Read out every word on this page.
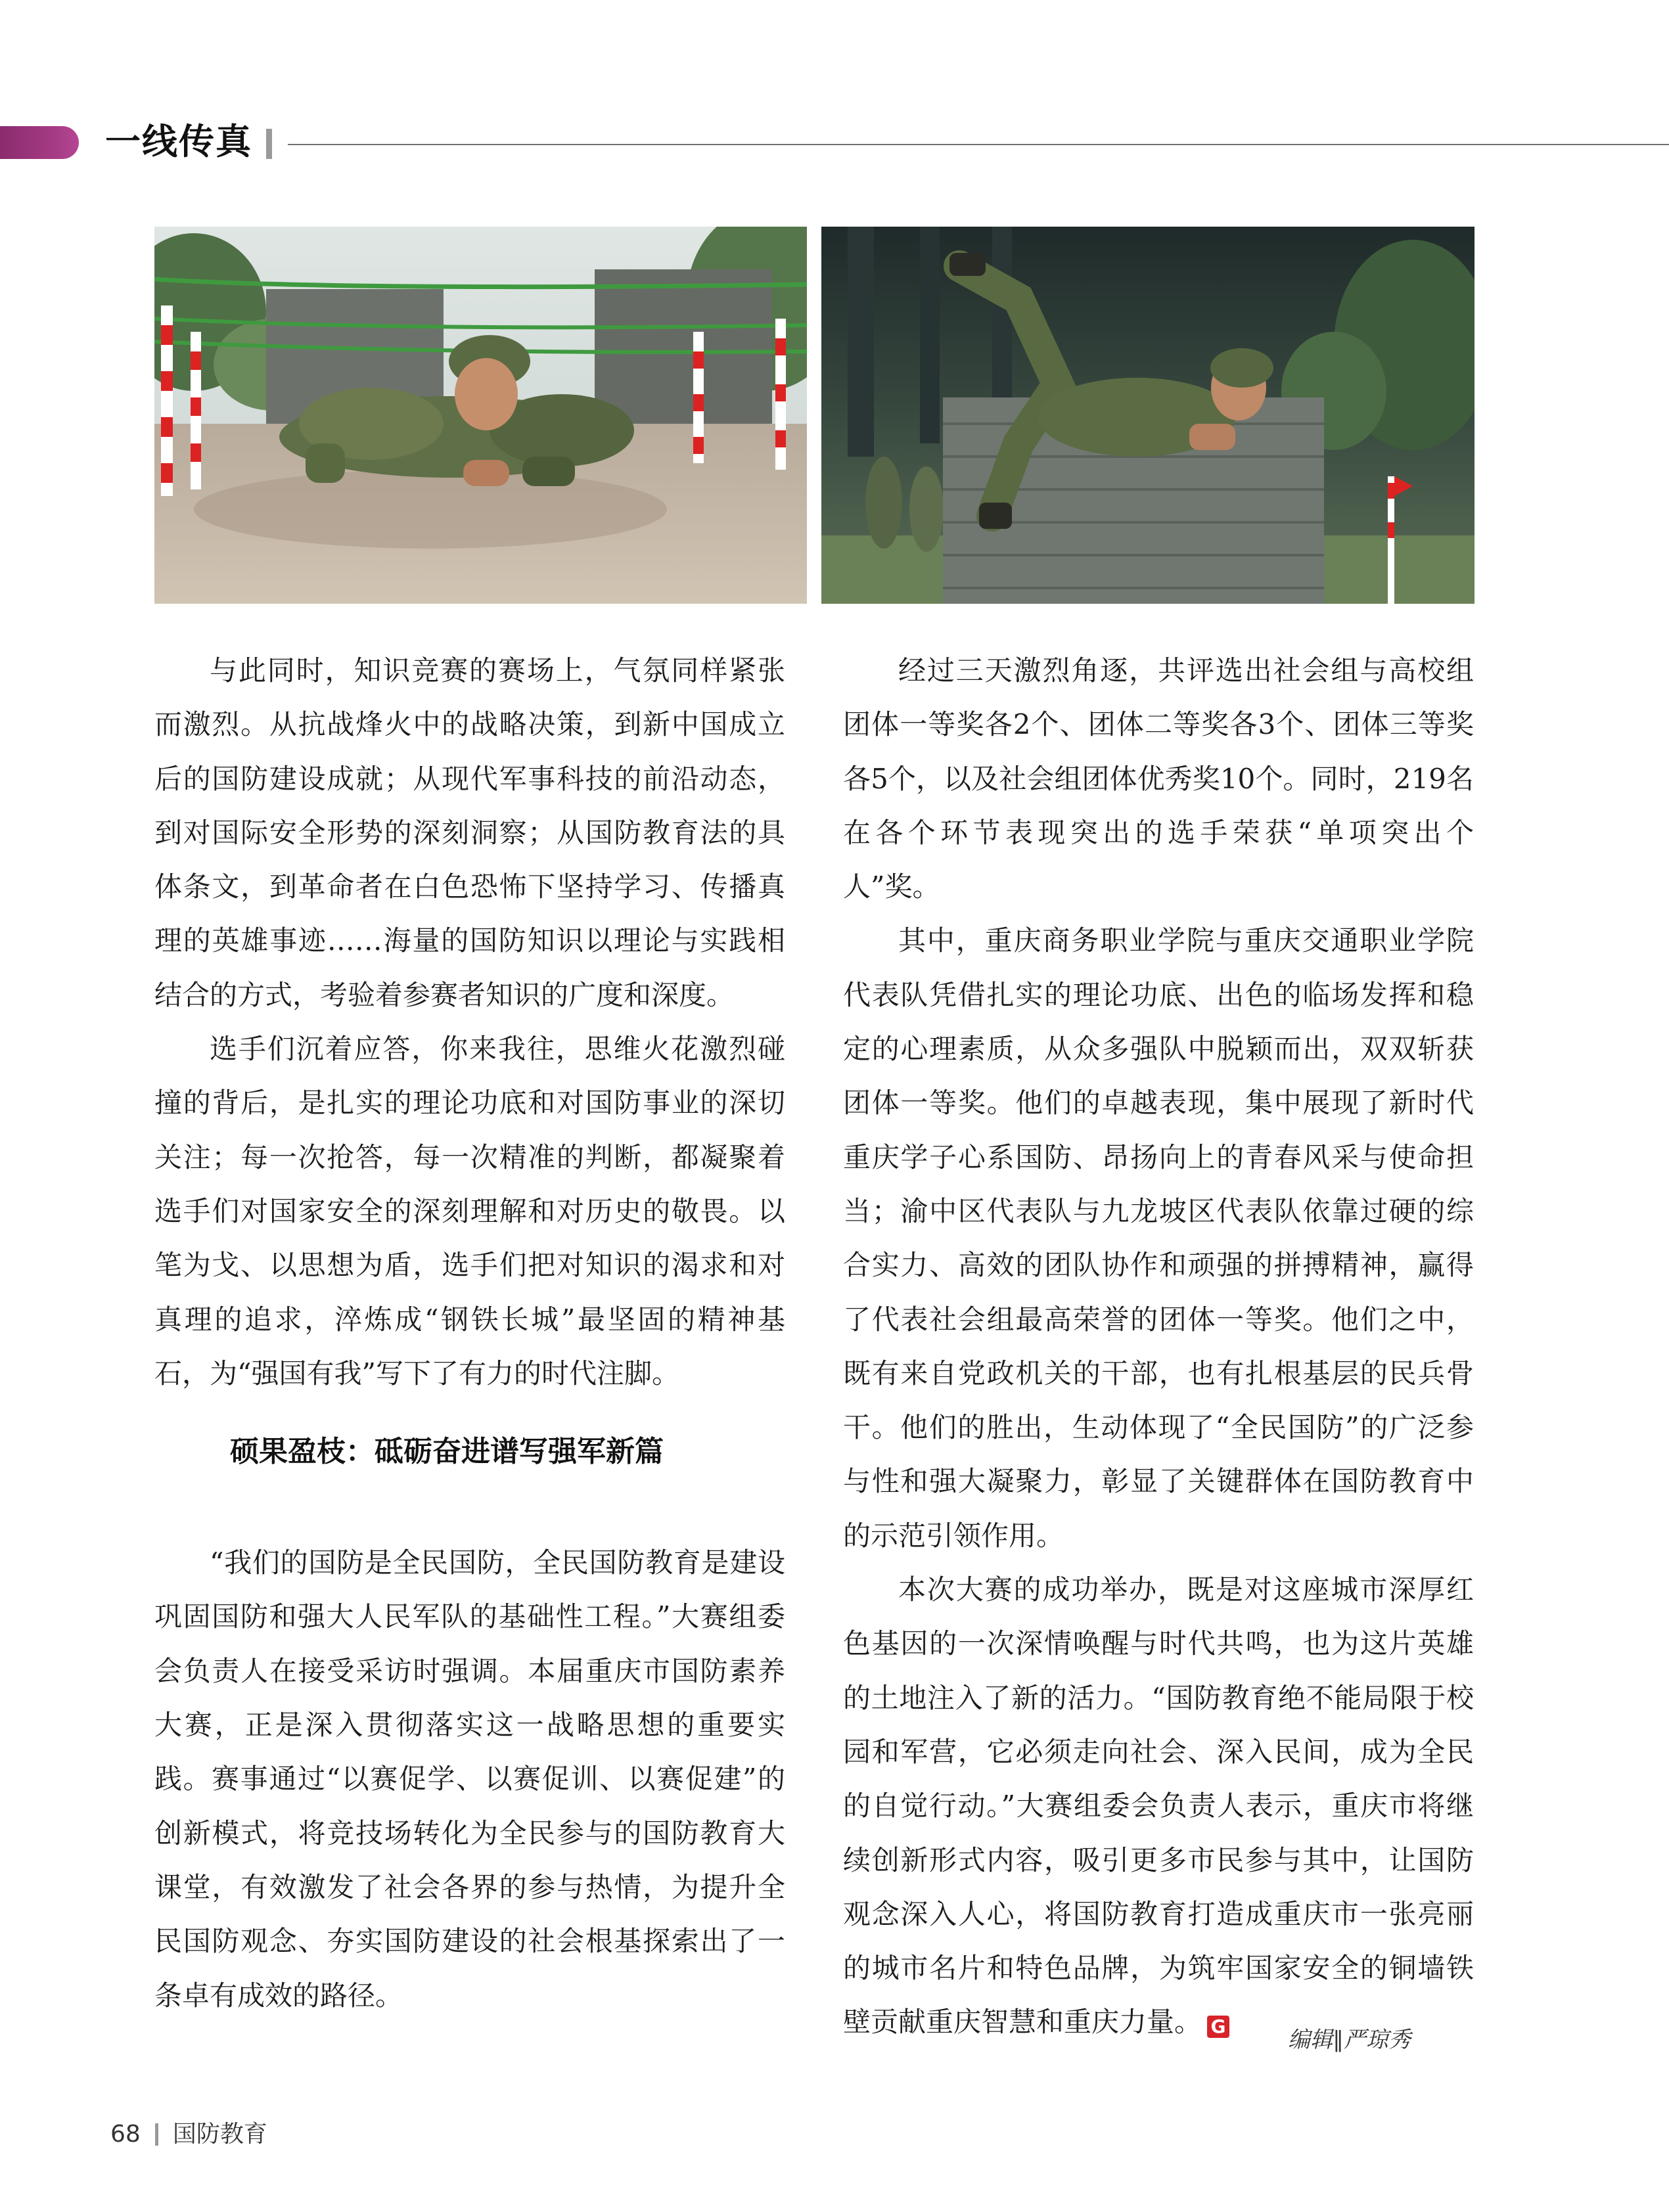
一线传真

与此同时，知识竞赛的赛场上，气氛同样紧张而激烈。从抗战烽火中的战略决策，到新中国成立后的国防建设成就；从现代军事科技的前沿动态，到对国际安全形势的深刻洞察；从国防教育法的具体条文，到革命者在白色恐怖下坚持学习、传播真理的英雄事迹……海量的国防知识以理论与实践相结合的方式，考验着参赛者知识的广度和深度。

选手们沉着应答，你来我往，思维火花激烈碰撞的背后，是扎实的理论功底和对国防事业的深切关注；每一次抢答，每一次精准的判断，都凝聚着选手们对国家安全的深刻理解和对历史的敬畏。以笔为戈、以思想为盾，选手们把对知识的渴求和对真理的追求，淬炼成“钢铁长城”最坚固的精神基石，为“强国有我”写下了有力的时代注脚。

硕果盈枝：砥砺奋进谱写强军新篇

“我们的国防是全民国防，全民国防教育是建设巩固国防和强大人民军队的基础性工程。”大赛组委会负责人在接受采访时强调。本届重庆市国防素养大赛，正是深入贯彻落实这一战略思想的重要实践。赛事通过“以赛促学、以赛促训、以赛促建”的创新模式，将竞技场转化为全民参与的国防教育大课堂，有效激发了社会各界的参与热情，为提升全民国防观念、夯实国防建设的社会根基探索出了一条卓有成效的路径。

经过三天激烈角逐，共评选出社会组与高校组团体一等奖各2个、团体二等奖各3个、团体三等奖各5个，以及社会组团体优秀奖10个。同时，219名在各个环节表现突出的选手荣获“单项突出个人”奖。

其中，重庆商务职业学院与重庆交通职业学院代表队凭借扎实的理论功底、出色的临场发挥和稳定的心理素质，从众多强队中脱颖而出，双双斩获团体一等奖。他们的卓越表现，集中展现了新时代重庆学子心系国防、昂扬向上的青春风采与使命担当；渝中区代表队与九龙坡区代表队依靠过硬的综合实力、高效的团队协作和顽强的拼搏精神，赢得了代表社会组最高荣誉的团体一等奖。他们之中，既有来自党政机关的干部，也有扎根基层的民兵骨干。他们的胜出，生动体现了“全民国防”的广泛参与性和强大凝聚力，彰显了关键群体在国防教育中的示范引领作用。

本次大赛的成功举办，既是对这座城市深厚红色基因的一次深情唤醒与时代共鸣，也为这片英雄的土地注入了新的活力。“国防教育绝不能局限于校园和军营，它必须走向社会、深入民间，成为全民的自觉行动。”大赛组委会负责人表示，重庆市将继续创新形式内容，吸引更多市民参与其中，让国防观念深入人心，将国防教育打造成重庆市一张亮丽的城市名片和特色品牌，为筑牢国家安全的铜墙铁壁贡献重庆智慧和重庆力量。 G

编辑∥严琼秀
68 国防教育
